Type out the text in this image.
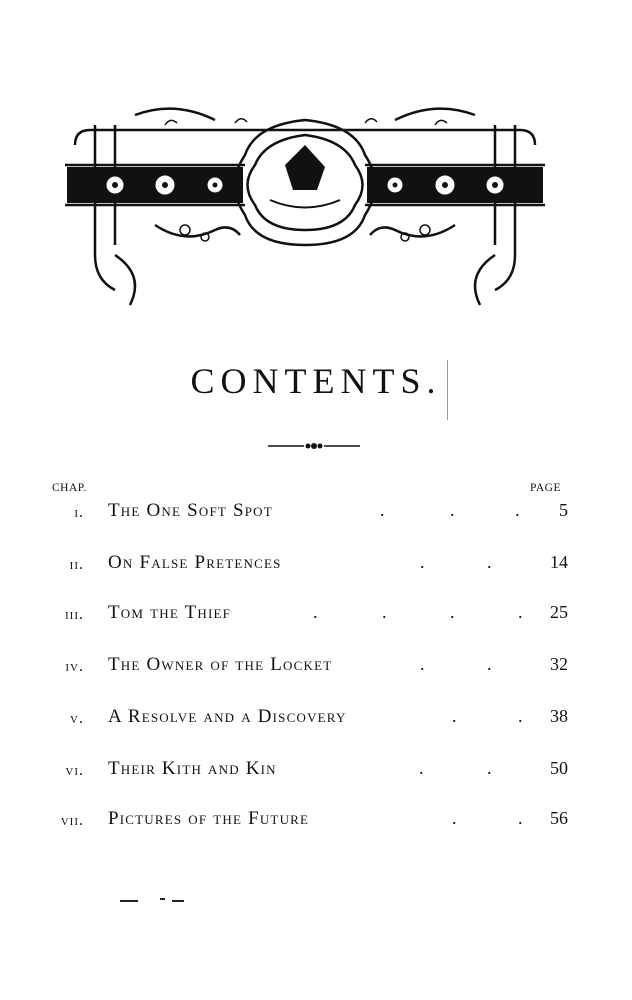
CONTENTS.
CHAP.	PAGE
i. The One Soft Spot	.	.	. 5
ii. On False Pretences	.	.	14
iii. Tom the Thief	.	.	.	. 25
iv. The Owner of the Locket	.	.	32
v. A Resolve and a Discovery	.	. 38
vi. Their Kith and Kin	.	.	50
vii. Pictures of the Future	.	. 56
